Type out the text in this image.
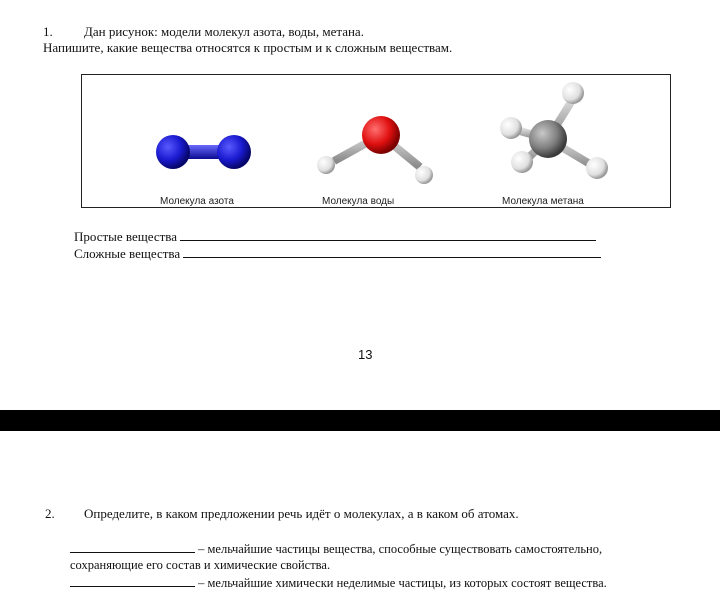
1. Дан рисунок: модели молекул азота, воды, метана.
Напишите, какие вещества относятся к простым и к сложным веществам.
Молекула азота	Молекула воды	Молекула метана
Простые вещества
Сложные вещества
13
2. Определите, в каком предложении речь идёт о молекулах, а в каком об атомах.
– мельчайшие частицы вещества, способные существовать самостоятельно,
сохраняющие его состав и химические свойства.
– мельчайшие химически неделимые частицы, из которых состоят вещества.
